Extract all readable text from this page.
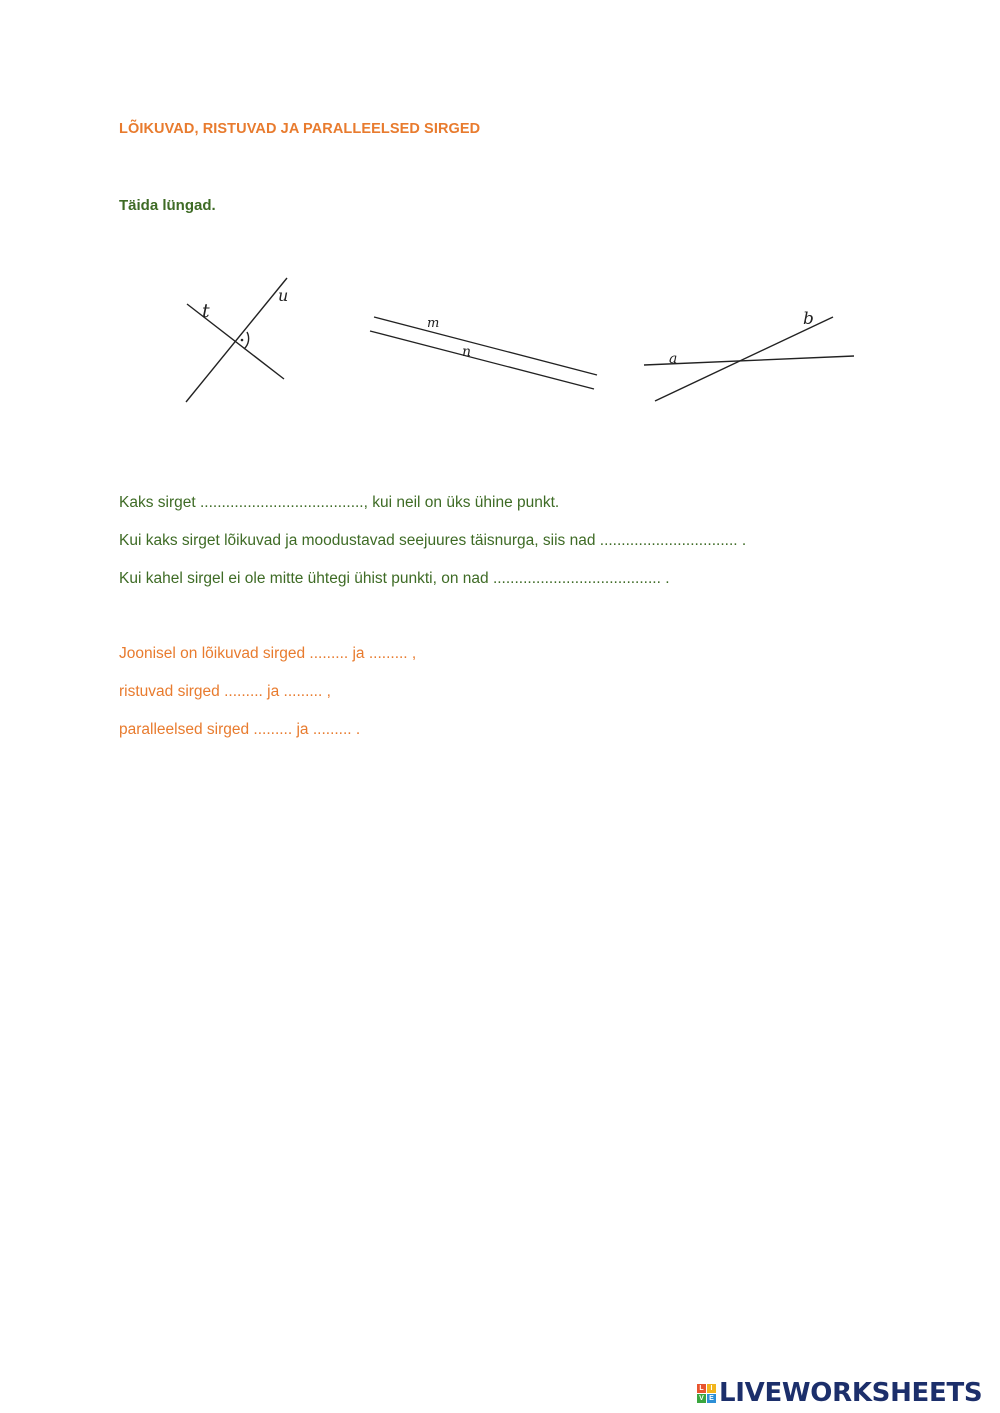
LÕIKUVAD, RISTUVAD JA PARALLEELSED SIRGED
Täida lüngad.
t
u
m
n	a
b
Kaks sirget ......................................, kui neil on üks ühine punkt.
Kui kaks sirget lõikuvad ja moodustavad seejuures täisnurga, siis nad ................................ .
Kui kahel sirgel ei ole mitte ühtegi ühist punkti, on nad ....................................... .
Joonisel on lõikuvad sirged ......... ja ......... ,
ristuvad sirged ......... ja ......... ,
paralleelsed sirged ......... ja ......... .
L I
V E LIVEWORKSHEETS
